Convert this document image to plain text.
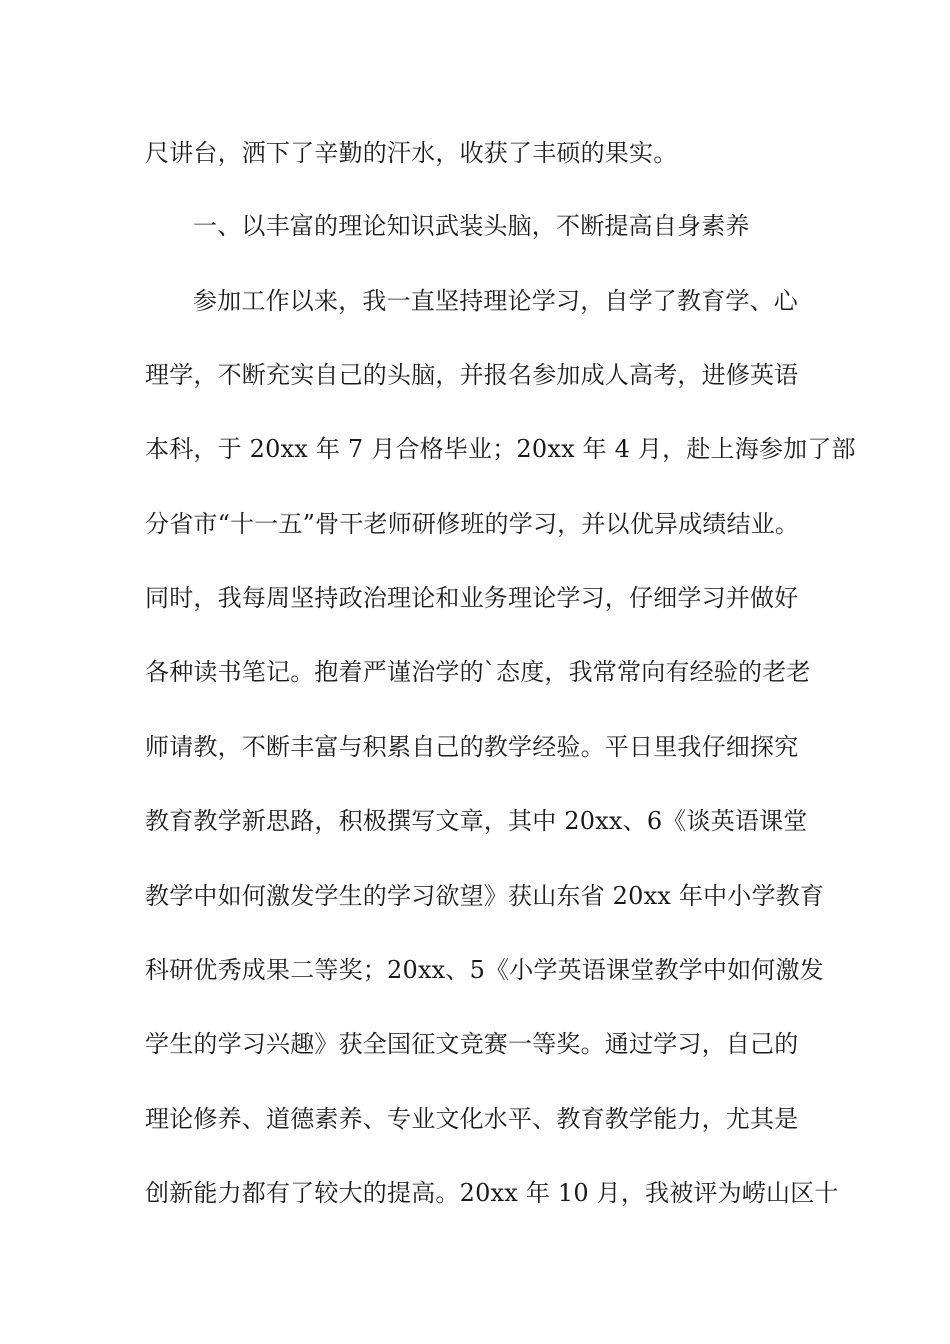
尺讲台，洒下了辛勤的汗水，收获了丰硕的果实。
一、以丰富的理论知识武装头脑，不断提高自身素养
参加工作以来，我一直坚持理论学习，自学了教育学、心
理学，不断充实自己的头脑，并报名参加成人高考，进修英语
本科，于 20xx 年 7 月合格毕业；20xx 年 4 月，赴上海参加了部
分省市“十一五”骨干老师研修班的学习，并以优异成绩结业。
同时，我每周坚持政治理论和业务理论学习，仔细学习并做好
各种读书笔记。抱着严谨治学的`态度，我常常向有经验的老老
师请教，不断丰富与积累自己的教学经验。平日里我仔细探究
教育教学新思路，积极撰写文章，其中 20xx、6《谈英语课堂
教学中如何激发学生的学习欲望》获山东省 20xx 年中小学教育
科研优秀成果二等奖；20xx、5《小学英语课堂教学中如何激发
学生的学习兴趣》获全国征文竞赛一等奖。通过学习，自己的
理论修养、道德素养、专业文化水平、教育教学能力，尤其是
创新能力都有了较大的提高。20xx 年 10 月，我被评为崂山区十
